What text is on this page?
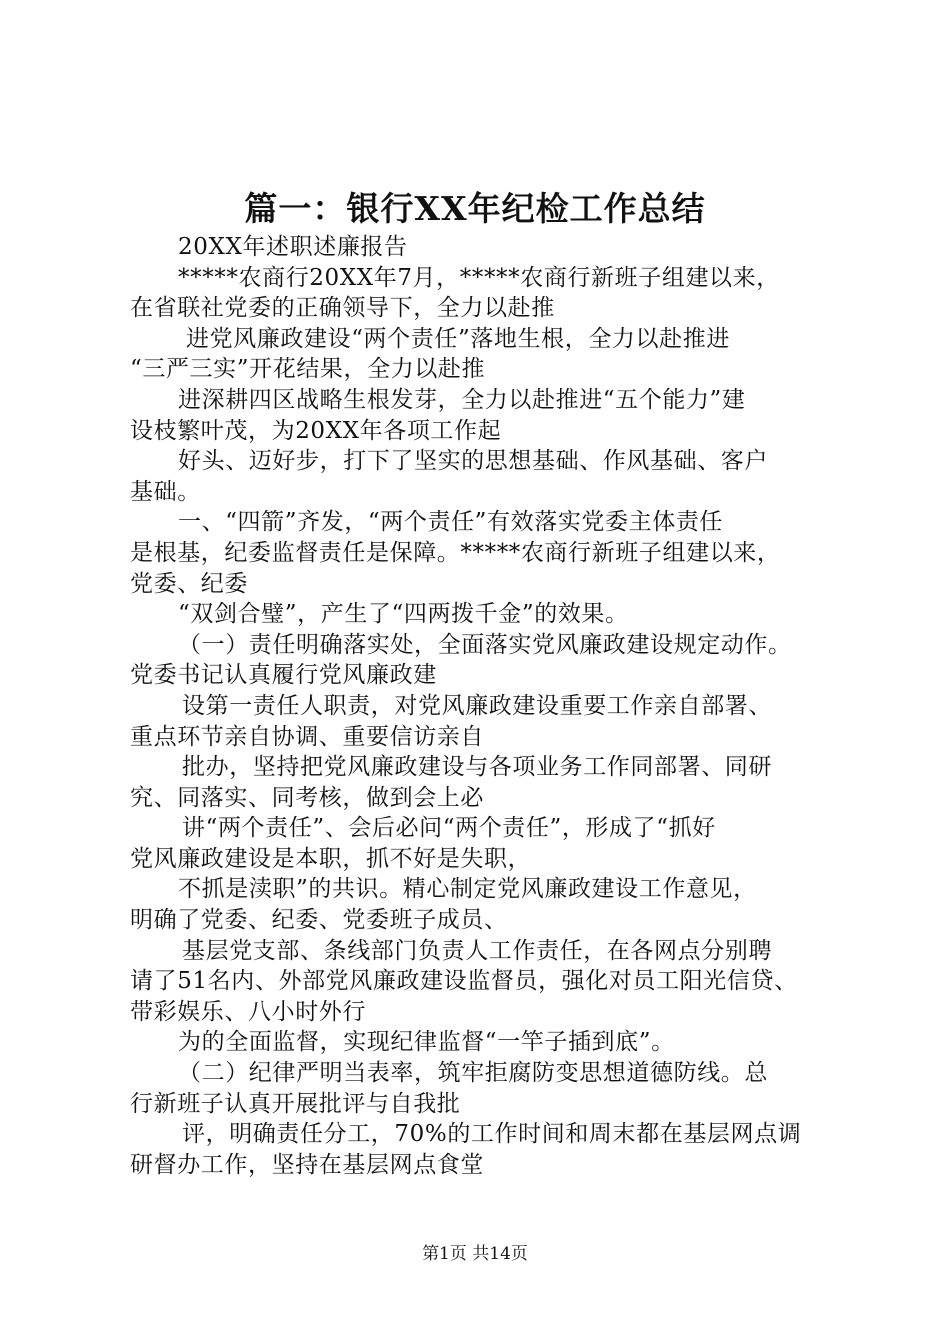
篇一：银行XX年纪检工作总结
20XX年述职述廉报告
*****农商行20XX年7月，*****农商行新班子组建以来，
在省联社党委的正确领导下，全力以赴推
进党风廉政建设“两个责任”落地生根，全力以赴推进
“三严三实”开花结果，全力以赴推
进深耕四区战略生根发芽，全力以赴推进“五个能力”建
设枝繁叶茂，为20XX年各项工作起
好头、迈好步，打下了坚实的思想基础、作风基础、客户
基础。
一、“四箭”齐发，“两个责任”有效落实党委主体责任
是根基，纪委监督责任是保障。*****农商行新班子组建以来，
党委、纪委
“双剑合璧”，产生了“四两拨千金”的效果。
（一）责任明确落实处，全面落实党风廉政建设规定动作。
党委书记认真履行党风廉政建
设第一责任人职责，对党风廉政建设重要工作亲自部署、
重点环节亲自协调、重要信访亲自
批办，坚持把党风廉政建设与各项业务工作同部署、同研
究、同落实、同考核，做到会上必
讲“两个责任”、会后必问“两个责任”，形成了“抓好
党风廉政建设是本职，抓不好是失职，
不抓是渎职”的共识。精心制定党风廉政建设工作意见，
明确了党委、纪委、党委班子成员、
基层党支部、条线部门负责人工作责任，在各网点分别聘
请了51名内、外部党风廉政建设监督员，强化对员工阳光信贷、
带彩娱乐、八小时外行
为的全面监督，实现纪律监督“一竿子插到底”。
（二）纪律严明当表率，筑牢拒腐防变思想道德防线。总
行新班子认真开展批评与自我批
评，明确责任分工，70%的工作时间和周末都在基层网点调
研督办工作，坚持在基层网点食堂
第1页 共14页
